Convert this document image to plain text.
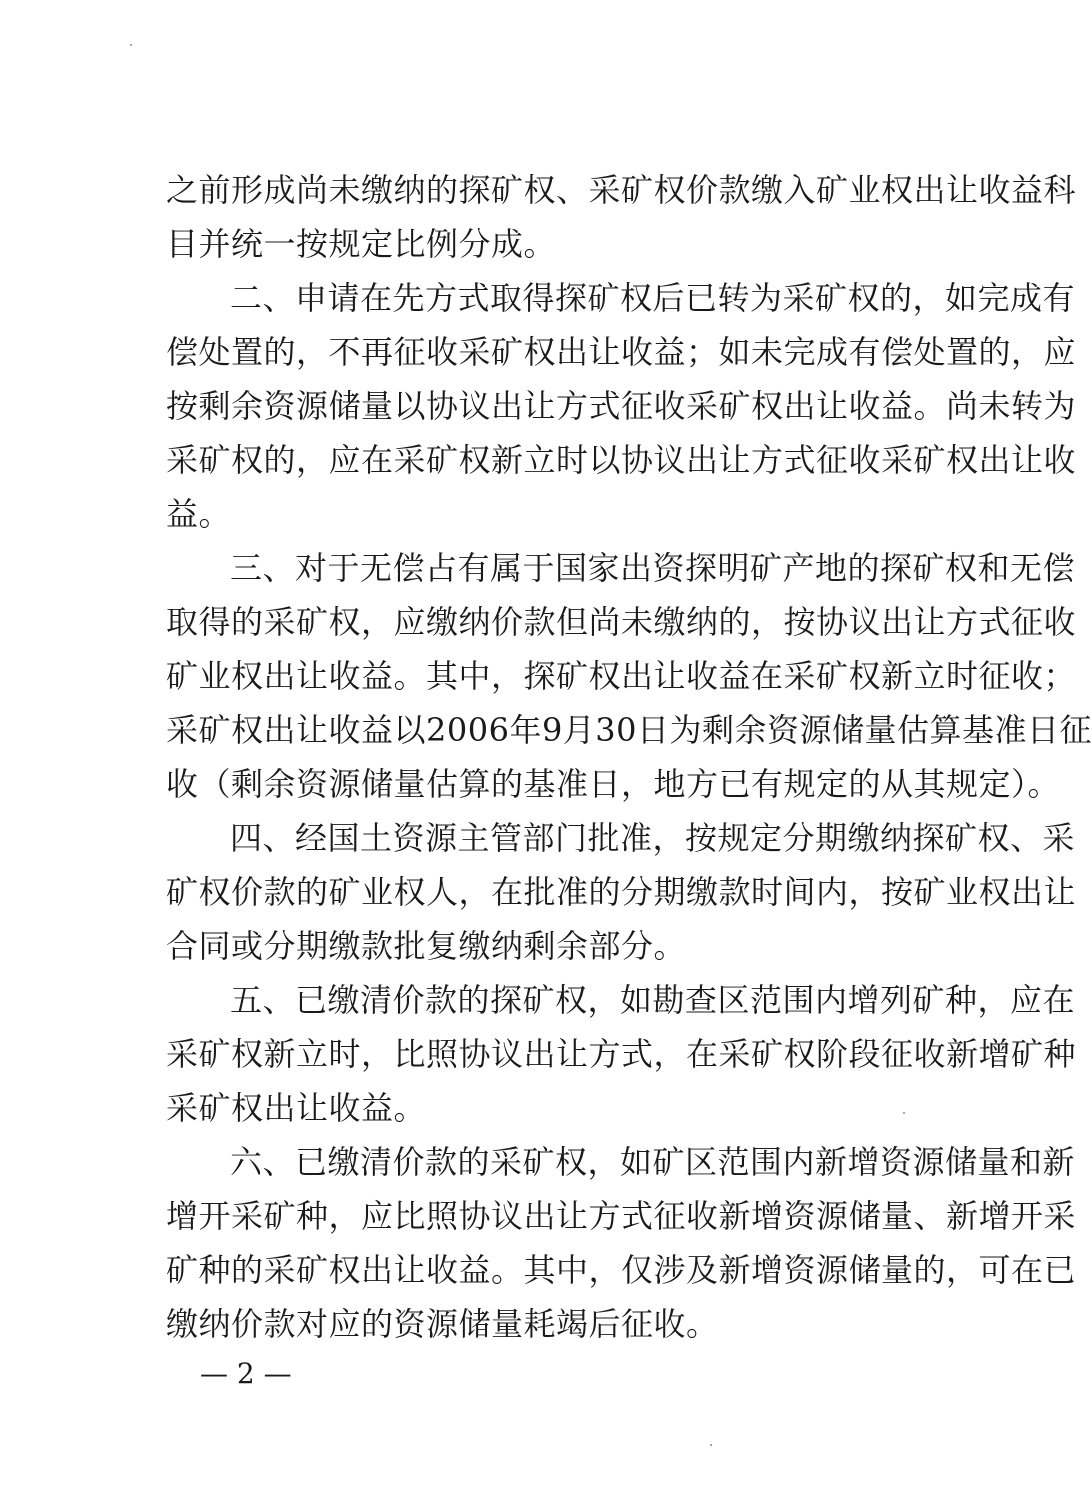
之前形成尚未缴纳的探矿权、采矿权价款缴入矿业权出让收益科
目并统一按规定比例分成。
二、申请在先方式取得探矿权后已转为采矿权的，如完成有
偿处置的，不再征收采矿权出让收益；如未完成有偿处置的，应
按剩余资源储量以协议出让方式征收采矿权出让收益。尚未转为
采矿权的，应在采矿权新立时以协议出让方式征收采矿权出让收
益。
三、对于无偿占有属于国家出资探明矿产地的探矿权和无偿
取得的采矿权，应缴纳价款但尚未缴纳的，按协议出让方式征收
矿业权出让收益。其中，探矿权出让收益在采矿权新立时征收；
采矿权出让收益以2006年9月30日为剩余资源储量估算基准日征
收（剩余资源储量估算的基准日，地方已有规定的从其规定）。
四、经国土资源主管部门批准，按规定分期缴纳探矿权、采
矿权价款的矿业权人，在批准的分期缴款时间内，按矿业权出让
合同或分期缴款批复缴纳剩余部分。
五、已缴清价款的探矿权，如勘查区范围内增列矿种，应在
采矿权新立时，比照协议出让方式，在采矿权阶段征收新增矿种
采矿权出让收益。
六、已缴清价款的采矿权，如矿区范围内新增资源储量和新
增开采矿种，应比照协议出让方式征收新增资源储量、新增开采
矿种的采矿权出让收益。其中，仅涉及新增资源储量的，可在已
缴纳价款对应的资源储量耗竭后征收。
— 2 —
